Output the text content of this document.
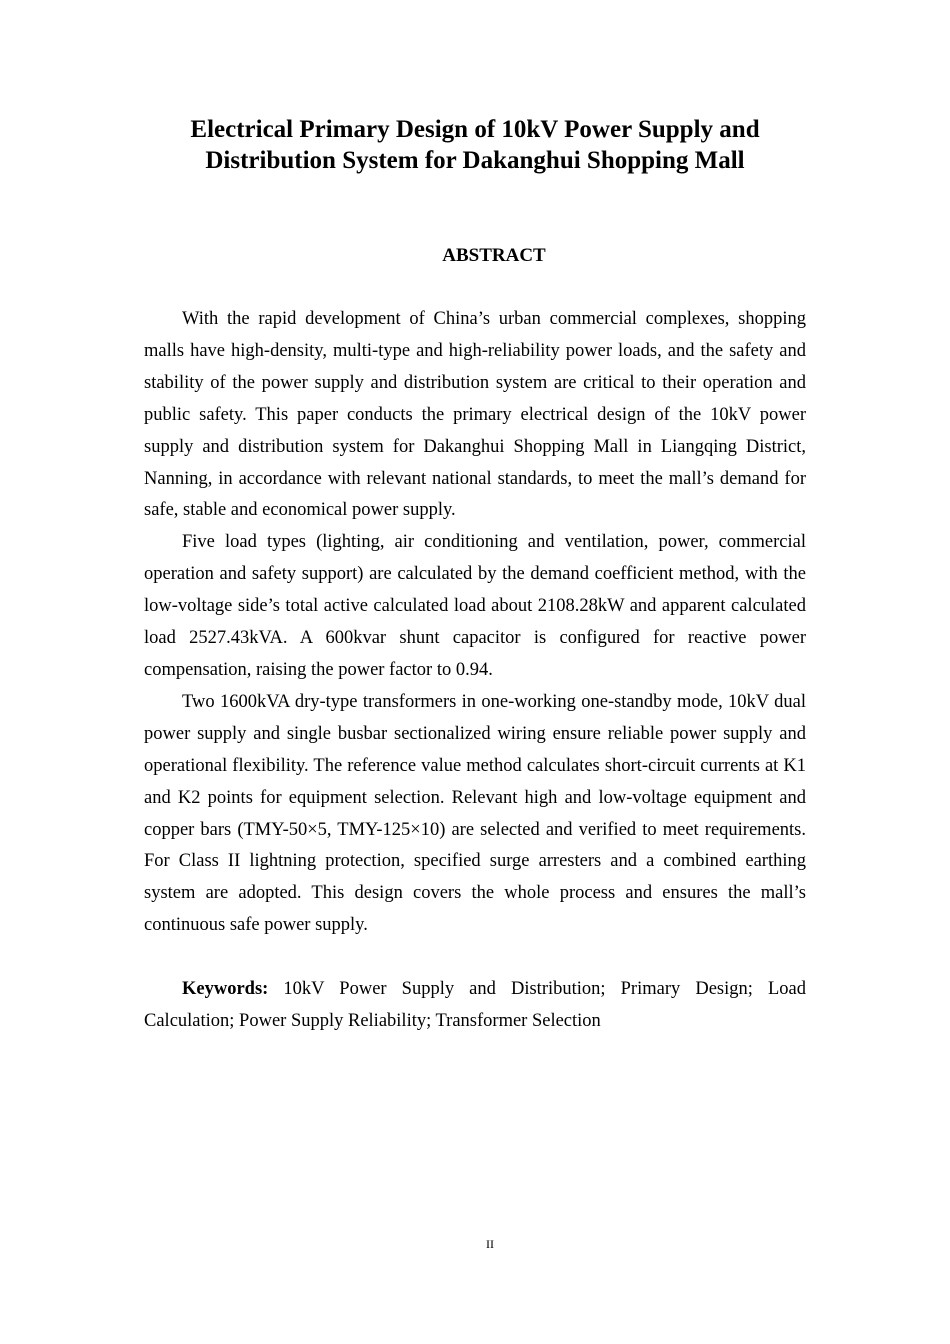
Electrical Primary Design of 10kV Power Supply and
Distribution System for Dakanghui Shopping Mall
ABSTRACT

With the rapid development of China’s urban commercial complexes, shopping malls have high-density, multi-type and high-reliability power loads, and the safety and stability of the power supply and distribution system are critical to their operation and public safety. This paper conducts the primary electrical design of the 10kV power supply and distribution system for Dakanghui Shopping Mall in Liangqing District, Nanning, in accordance with relevant national standards, to meet the mall’s demand for safe, stable and economical power supply.

Five load types (lighting, air conditioning and ventilation, power, commercial operation and safety support) are calculated by the demand coefficient method, with the low-voltage side’s total active calculated load about 2108.28kW and apparent calculated load 2527.43kVA. A 600kvar shunt capacitor is configured for reactive power compensation, raising the power factor to 0.94.

Two 1600kVA dry-type transformers in one-working one-standby mode, 10kV dual power supply and single busbar sectionalized wiring ensure reliable power supply and operational flexibility. The reference value method calculates short-circuit currents at K1 and K2 points for equipment selection. Relevant high and low-voltage equipment and copper bars (TMY-50×5, TMY-125×10) are selected and verified to meet requirements. For Class II lightning protection, specified surge arresters and a combined earthing system are adopted. This design covers the whole process and ensures the mall’s continuous safe power supply.

Keywords: 10kV Power Supply and Distribution; Primary Design; Load Calculation; Power Supply Reliability; Transformer Selection

II
